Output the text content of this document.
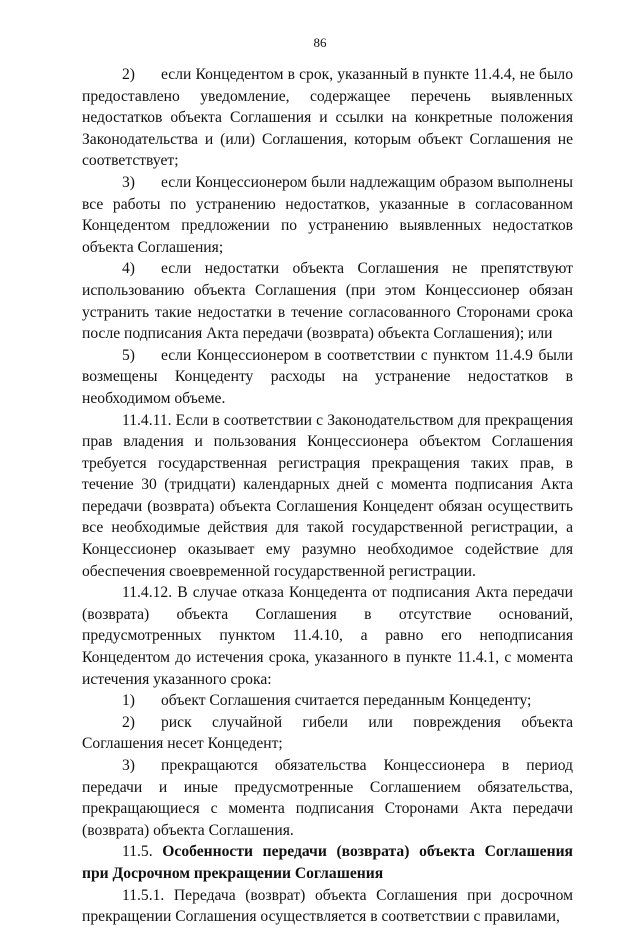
86

2) если Концедентом в срок, указанный в пункте 11.4.4, не было предоставлено уведомление, содержащее перечень выявленных недостатков объекта Соглашения и ссылки на конкретные положения Законодательства и (или) Соглашения, которым объект Соглашения не соответствует;

3) если Концессионером были надлежащим образом выполнены все работы по устранению недостатков, указанные в согласованном Концедентом предложении по устранению выявленных недостатков объекта Соглашения;

4) если недостатки объекта Соглашения не препятствуют использованию объекта Соглашения (при этом Концессионер обязан устранить такие недостатки в течение согласованного Сторонами срока после подписания Акта передачи (возврата) объекта Соглашения); или

5) если Концессионером в соответствии с пунктом 11.4.9 были возмещены Концеденту расходы на устранение недостатков в необходимом объеме.

11.4.11. Если в соответствии с Законодательством для прекращения прав владения и пользования Концессионера объектом Соглашения требуется государственная регистрация прекращения таких прав, в течение 30 (тридцати) календарных дней с момента подписания Акта передачи (возврата) объекта Соглашения Концедент обязан осуществить все необходимые действия для такой государственной регистрации, а Концессионер оказывает ему разумно необходимое содействие для обеспечения своевременной государственной регистрации.

11.4.12. В случае отказа Концедента от подписания Акта передачи (возврата) объекта Соглашения в отсутствие оснований, предусмотренных пунктом 11.4.10, а равно его неподписания Концедентом до истечения срока, указанного в пункте 11.4.1, с момента истечения указанного срока:

1) объект Соглашения считается переданным Концеденту;

2) риск случайной гибели или повреждения объекта Соглашения несет Концедент;

3) прекращаются обязательства Концессионера в период передачи и иные предусмотренные Соглашением обязательства, прекращающиеся с момента подписания Сторонами Акта передачи (возврата) объекта Соглашения.

11.5. Особенности передачи (возврата) объекта Соглашения при Досрочном прекращении Соглашения

11.5.1. Передача (возврат) объекта Соглашения при досрочном прекращении Соглашения осуществляется в соответствии с правилами,
